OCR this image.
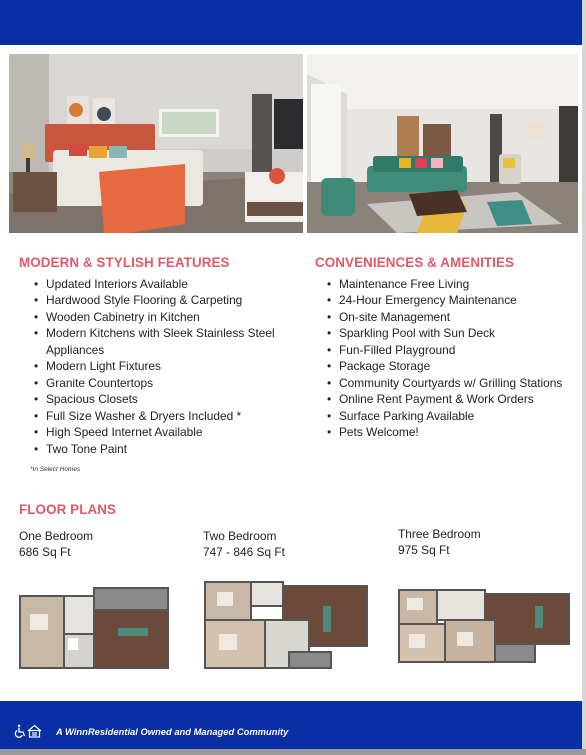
MODERN & STYLISH FEATURES
• Updated Interiors Available
• Hardwood Style Flooring & Carpeting
• Wooden Cabinetry in Kitchen
• Modern Kitchens with Sleek Stainless Steel Appliances
• Modern Light Fixtures
• Granite Countertops
• Spacious Closets
• Full Size Washer & Dryers Included *
• High Speed Internet Available
• Two Tone Paint
*In Select Homes
CONVENIENCES & AMENITIES
• Maintenance Free Living
• 24-Hour Emergency Maintenance
• On-site Management
• Sparkling Pool with Sun Deck
• Fun-Filled Playground
• Package Storage
• Community Courtyards w/ Grilling Stations
• Online Rent Payment & Work Orders
• Surface Parking Available
• Pets Welcome!
FLOOR PLANS
One Bedroom
686 Sq Ft
Two Bedroom
747 - 846 Sq Ft
Three Bedroom
975 Sq Ft
A WinnResidential Owned and Managed Community
